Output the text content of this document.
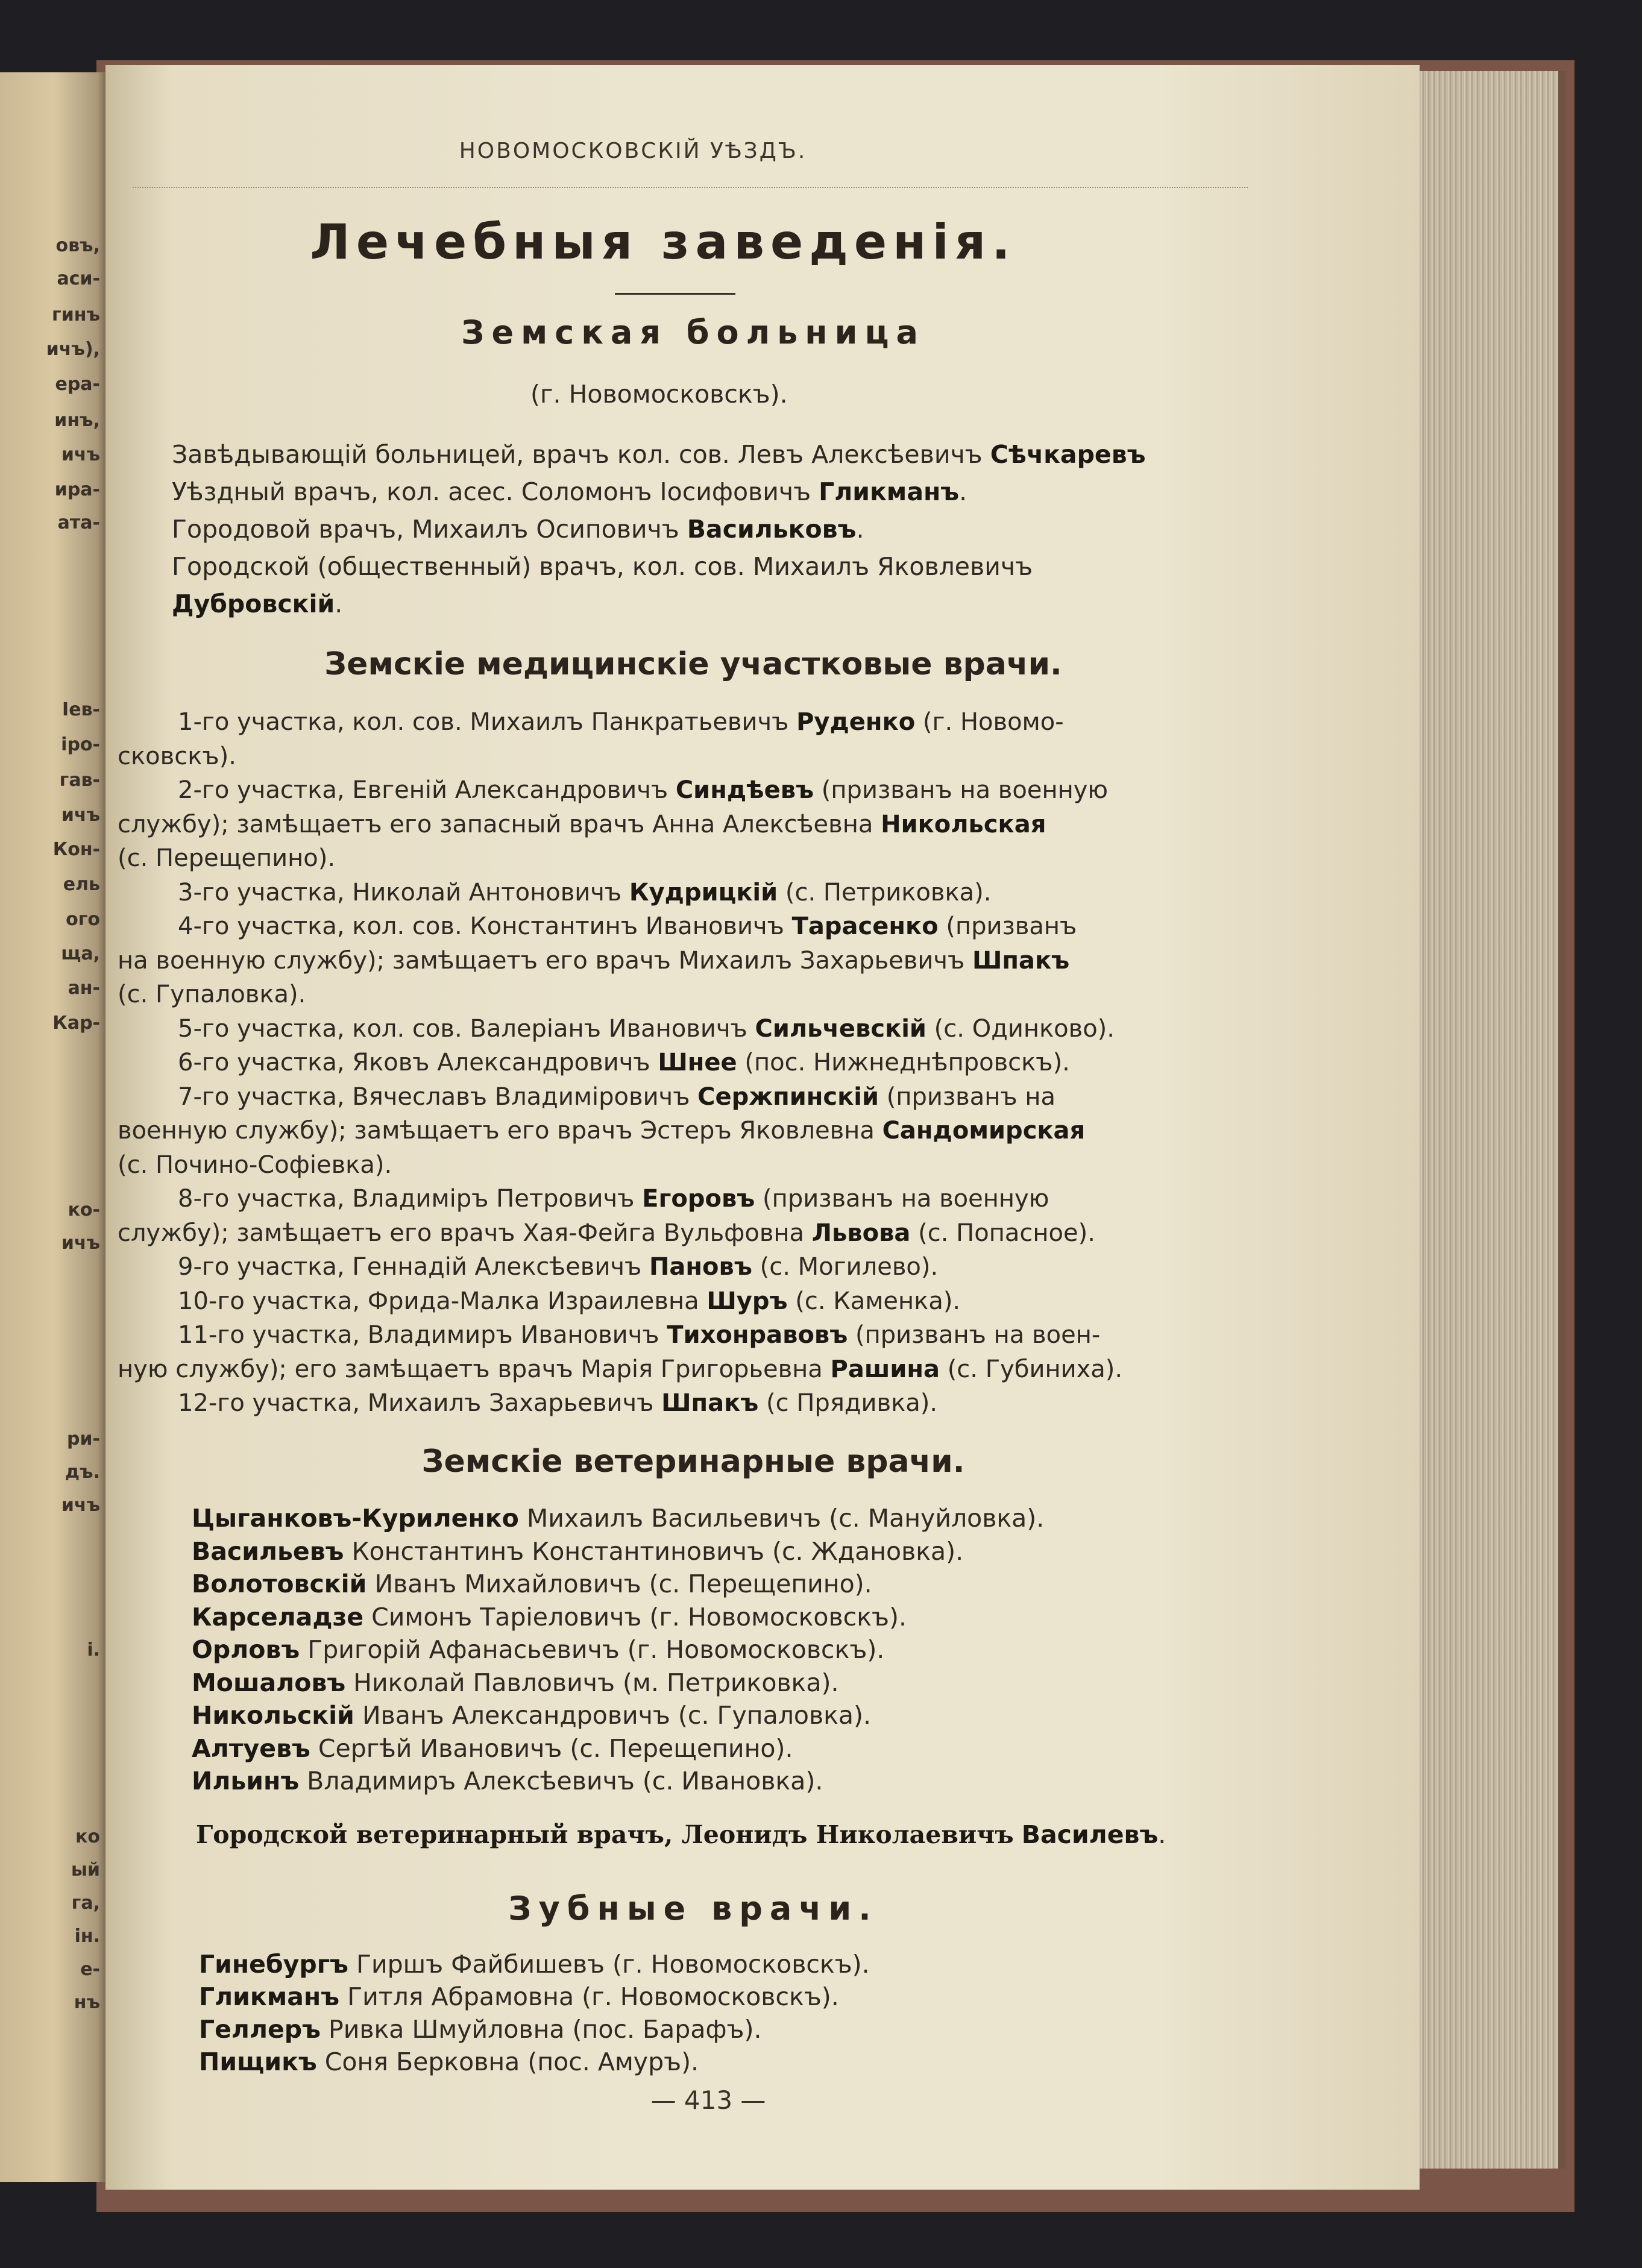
овъ,
аси-
гинъ
ичъ),
ера-
инъ,
ичъ
ира-
ата-
Іев-
іро-
гав-
ичъ
Кон-
ель
ого
ща,
ан-
Кар-
ко-
ичъ
ри-
дъ.
ичъ
і.
ко
ый
га,
ін.
е-
нъ
НОВОМОСКОВСКІЙ УѢЗДЪ.
Лечебныя заведенія.
Земская больница
(г. Новомосковскъ).
Завѣдывающій больницей, врачъ кол. сов. Левъ Алексѣевичъ Сѣчкаревъ
Уѣздный врачъ, кол. асес. Соломонъ Іосифовичъ Гликманъ.
Городовой врачъ, Михаилъ Осиповичъ Васильковъ.
Городской (общественный) врачъ, кол. сов. Михаилъ Яковлевичъ
Дубровскій.
Земскіе медицинскіе участковые врачи.
1-го участка, кол. сов. Михаилъ Панкратьевичъ Руденко (г. Новомо-
сковскъ).
2-го участка, Евгеній Александровичъ Синдѣевъ (призванъ на военную
службу); замѣщаетъ его запасный врачъ Анна Алексѣевна Никольская
(с. Перещепино).
3-го участка, Николай Антоновичъ Кудрицкій (с. Петриковка).
4-го участка, кол. сов. Константинъ Ивановичъ Тарасенко (призванъ
на военную службу); замѣщаетъ его врачъ Михаилъ Захарьевичъ Шпакъ
(с. Гупаловка).
5-го участка, кол. сов. Валеріанъ Ивановичъ Сильчевскій (с. Одинково).
6-го участка, Яковъ Александровичъ Шнее (пос. Нижнеднѣпровскъ).
7-го участка, Вячеславъ Владиміровичъ Сержпинскій (призванъ на
военную службу); замѣщаетъ его врачъ Эстеръ Яковлевна Сандомирская
(с. Почино-Софіевка).
8-го участка, Владиміръ Петровичъ Егоровъ (призванъ на военную
службу); замѣщаетъ его врачъ Хая-Фейга Вульфовна Львова (с. Попасное).
9-го участка, Геннадій Алексѣевичъ Пановъ (с. Могилево).
10-го участка, Фрида-Малка Израилевна Шуръ (с. Каменка).
11-го участка, Владимиръ Ивановичъ Тихонравовъ (призванъ на воен-
ную службу); его замѣщаетъ врачъ Марія Григорьевна Рашина (с. Губиниха).
12-го участка, Михаилъ Захарьевичъ Шпакъ (с Прядивка).
Земскіе ветеринарные врачи.
Цыганковъ-Куриленко Михаилъ Васильевичъ (с. Мануйловка).
Васильевъ Константинъ Константиновичъ (с. Ждановка).
Волотовскій Иванъ Михайловичъ (с. Перещепино).
Карселадзе Симонъ Таріеловичъ (г. Новомосковскъ).
Орловъ Григорій Афанасьевичъ (г. Новомосковскъ).
Мошаловъ Николай Павловичъ (м. Петриковка).
Никольскій Иванъ Александровичъ (с. Гупаловка).
Алтуевъ Сергѣй Ивановичъ (с. Перещепино).
Ильинъ Владимиръ Алексѣевичъ (с. Ивановка).
Городской ветеринарный врачъ, Леонидъ Николаевичъ Василевъ.
Зубные врачи.
Гинебургъ Гиршъ Файбишевъ (г. Новомосковскъ).
Гликманъ Гитля Абрамовна (г. Новомосковскъ).
Геллеръ Ривка Шмуйловна (пос. Барафъ).
Пищикъ Соня Берковна (пос. Амуръ).
— 413 —
